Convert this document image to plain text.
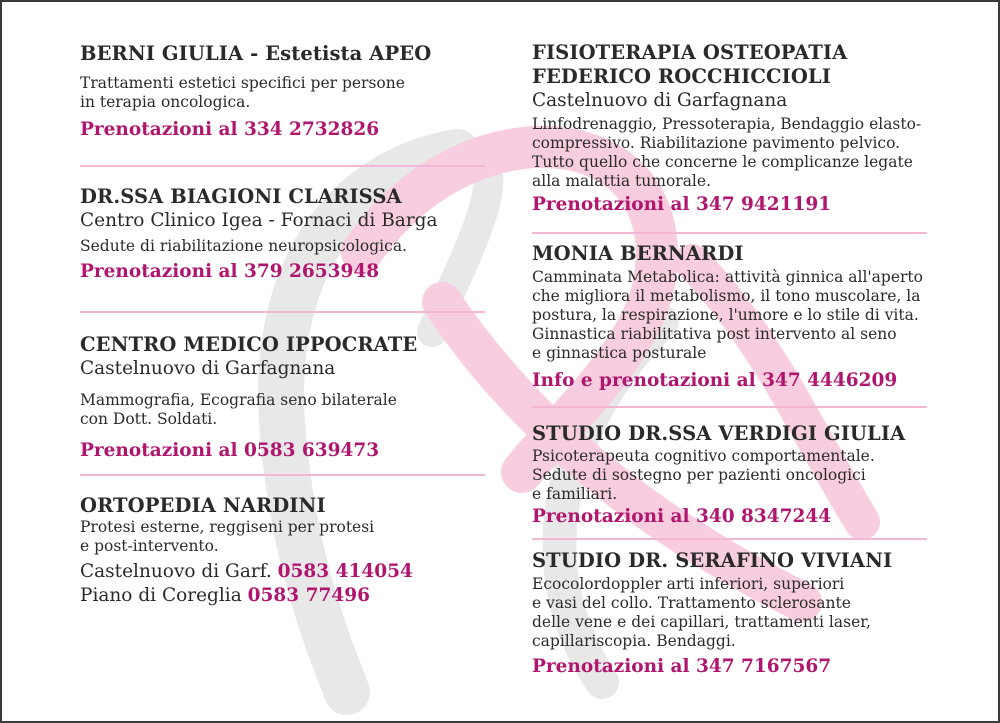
BERNI GIULIA - Estetista APEO
Trattamenti estetici specifici per persone
in terapia oncologica.
Prenotazioni al 334 2732826
DR.SSA BIAGIONI CLARISSA
Centro Clinico Igea - Fornaci di Barga
Sedute di riabilitazione neuropsicologica.
Prenotazioni al 379 2653948
CENTRO MEDICO IPPOCRATE
Castelnuovo di Garfagnana
Mammografia, Ecografia seno bilaterale
con Dott. Soldati.
Prenotazioni al 0583 639473
ORTOPEDIA NARDINI
Protesi esterne, reggiseni per protesi
e post-intervento.
Castelnuovo di Garf. 0583 414054
Piano di Coreglia 0583 77496
FISIOTERAPIA OSTEOPATIA
FEDERICO ROCCHICCIOLI
Castelnuovo di Garfagnana
Linfodrenaggio, Pressoterapia, Bendaggio elasto-
compressivo. Riabilitazione pavimento pelvico.
Tutto quello che concerne le complicanze legate
alla malattia tumorale.
Prenotazioni al 347 9421191
MONIA BERNARDI
Camminata Metabolica: attività ginnica all'aperto
che migliora il metabolismo, il tono muscolare, la
postura, la respirazione, l'umore e lo stile di vita.
Ginnastica riabilitativa post intervento al seno
e ginnastica posturale
Info e prenotazioni al 347 4446209
STUDIO DR.SSA VERDIGI GIULIA
Psicoterapeuta cognitivo comportamentale.
Sedute di sostegno per pazienti oncologici
e familiari.
Prenotazioni al 340 8347244
STUDIO DR. SERAFINO VIVIANI
Ecocolordoppler arti inferiori, superiori
e vasi del collo. Trattamento sclerosante
delle vene e dei capillari, trattamenti laser,
capillariscopia. Bendaggi.
Prenotazioni al 347 7167567
